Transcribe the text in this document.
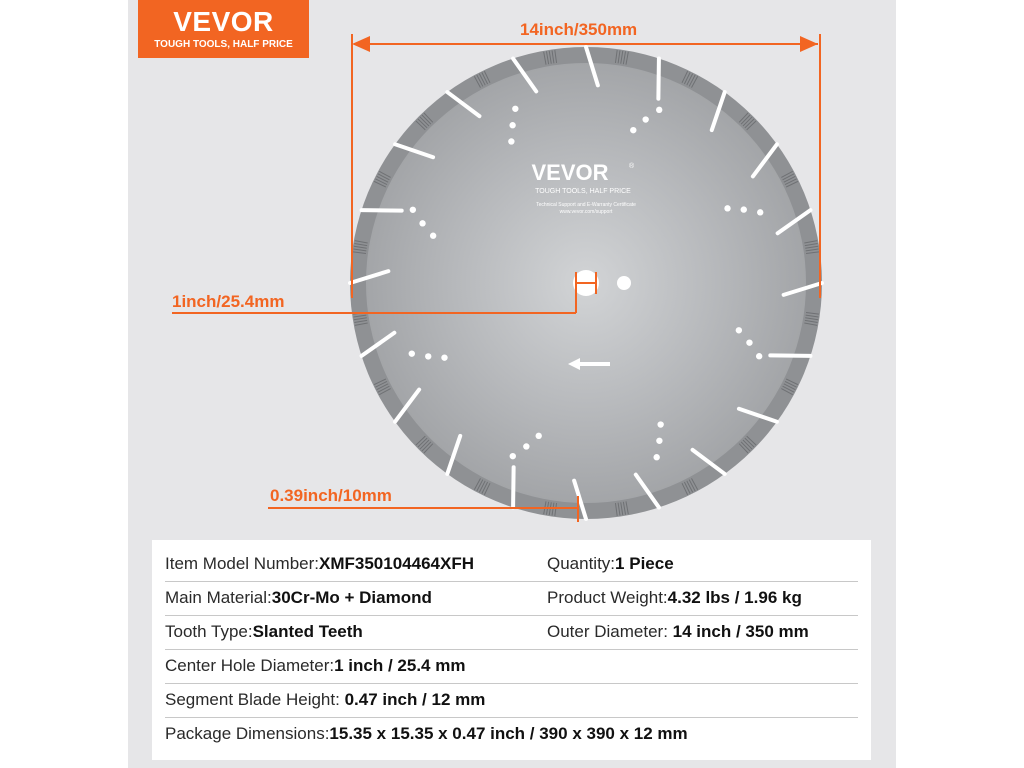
VEVOR
TOUGH TOOLS, HALF PRICE
VEVOR	®
TOUGH TOOLS, HALF PRICE
Technical Support and E-Warranty Certificate
www.vevor.com/support
14inch/350mm
1inch/25.4mm
0.39inch/10mm
Item Model Number:XMF350104464XFH	Quantity:1 Piece
Main Material:30Cr-Mo + Diamond	Product Weight:4.32 lbs / 1.96 kg
Tooth Type:Slanted Teeth	Outer Diameter: 14 inch / 350 mm
Center Hole Diameter:1 inch / 25.4 mm
Segment Blade Height: 0.47 inch / 12 mm
Package Dimensions:15.35 x 15.35 x 0.47 inch / 390 x 390 x 12 mm
